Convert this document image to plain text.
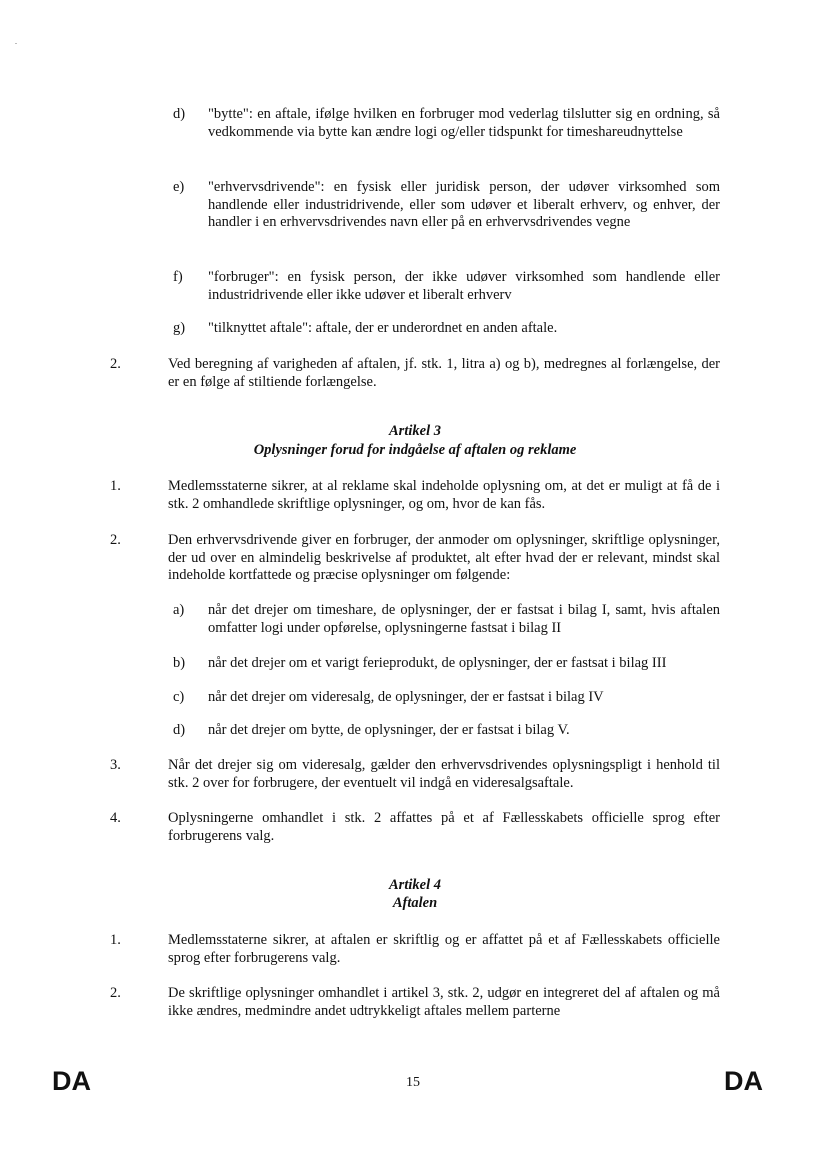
d)	"bytte": en aftale, ifølge hvilken en forbruger mod vederlag tilslutter sig en ordning, så vedkommende via bytte kan ændre logi og/eller tidspunkt for timeshareudnyttelse
e)	"erhvervsdrivende": en fysisk eller juridisk person, der udøver virksomhed som handlende eller industridrivende, eller som udøver et liberalt erhverv, og enhver, der handler i en erhvervsdrivendes navn eller på en erhvervsdrivendes vegne
f)	"forbruger": en fysisk person, der ikke udøver virksomhed som handlende eller industridrivende eller ikke udøver et liberalt erhverv
g)	"tilknyttet aftale": aftale, der er underordnet en anden aftale.
2.	Ved beregning af varigheden af aftalen, jf. stk. 1, litra a) og b), medregnes al forlængelse, der er en følge af stiltiende forlængelse.
Artikel 3
Oplysninger forud for indgåelse af aftalen og reklame
1.	Medlemsstaterne sikrer, at al reklame skal indeholde oplysning om, at det er muligt at få de i stk. 2 omhandlede skriftlige oplysninger, og om, hvor de kan fås.
2.	Den erhvervsdrivende giver en forbruger, der anmoder om oplysninger, skriftlige oplysninger, der ud over en almindelig beskrivelse af produktet, alt efter hvad der er relevant, mindst skal indeholde kortfattede og præcise oplysninger om følgende:
a)	når det drejer om timeshare, de oplysninger, der er fastsat i bilag I, samt, hvis aftalen omfatter logi under opførelse, oplysningerne fastsat i bilag II
b)	når det drejer om et varigt ferieprodukt, de oplysninger, der er fastsat i bilag III
c)	når det drejer om videresalg, de oplysninger, der er fastsat i bilag IV
d)	når det drejer om bytte, de oplysninger, der er fastsat i bilag V.
3.	Når det drejer sig om videresalg, gælder den erhvervsdrivendes oplysningspligt i henhold til stk. 2 over for forbrugere, der eventuelt vil indgå en videresalgsaftale.
4.	Oplysningerne omhandlet i stk. 2 affattes på et af Fællesskabets officielle sprog efter forbrugerens valg.
Artikel 4
Aftalen
1.	Medlemsstaterne sikrer, at aftalen er skriftlig og er affattet på et af Fællesskabets officielle sprog efter forbrugerens valg.
2.	De skriftlige oplysninger omhandlet i artikel 3, stk. 2, udgør en integreret del af aftalen og må ikke ændres, medmindre andet udtrykkeligt aftales mellem parterne
DA	15	DA
